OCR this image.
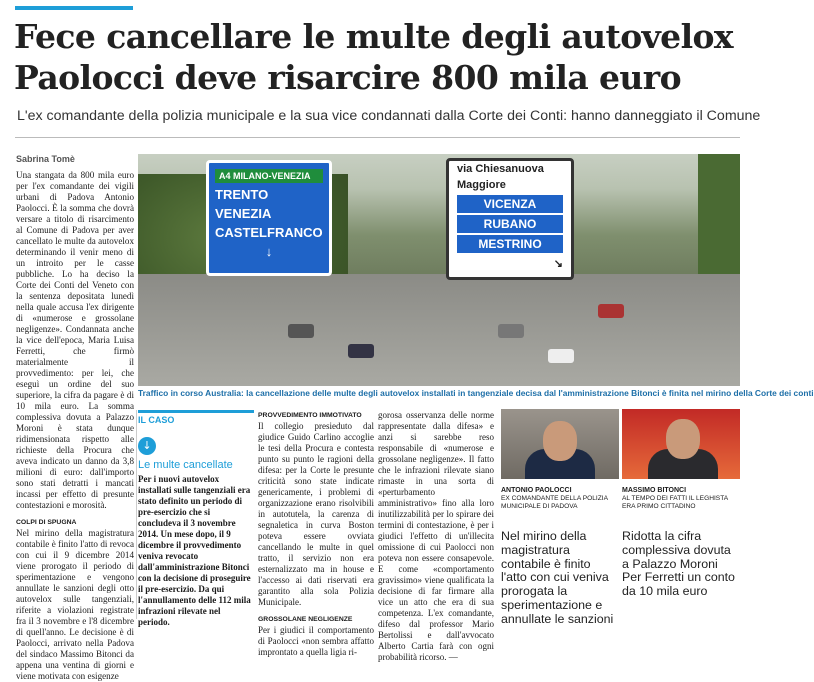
Fece cancellare le multe degli autovelox
Paolocci deve risarcire 800 mila euro

L'ex comandante della polizia municipale e la sua vice condannati dalla Corte dei Conti: hanno danneggiato il Comune

Sabrina Tomè
Una stangata da 800 mila euro per l'ex comandante dei vigili urbani di Padova Antonio Paolocci. È la somma che dovrà versare a titolo di risarcimento al Comune di Padova per aver cancellato le multe da autovelox determinando il venir meno di un introito per le casse pubbliche. Lo ha deciso la Corte dei Conti del Veneto con la sentenza depositata lunedì nella quale accusa l'ex dirigente di «numerose e grossolane negligenze». Condannata anche la vice dell'epoca, Maria Luisa Ferretti, che firmò materialmente il provvedimento: per lei, che eseguì un ordine del suo superiore, la cifra da pagare è di 10 mila euro. La somma complessiva dovuta a Palazzo Moroni è stata dunque ridimensionata rispetto alle richieste della Procura che aveva indicato un danno da 3,8 milioni di euro: dall'importo sono stati detratti i mancati incassi per effetto di presunte contestazioni e morosità.
COLPI DI SPUGNA
Nel mirino della magistratura contabile è finito l'atto di revoca con cui il 9 dicembre 2014 viene prorogato il periodo di sperimentazione e vengono annullate le sanzioni degli otto autovelox sulle tangenziali, riferite a violazioni registrate fra il 3 novembre e l'8 dicembre di quell'anno. Le decisione è di Paolocci, arrivato nella Padova del sindaco Massimo Bitonci da appena una ventina di giorni e viene motivata con esigenze
A4 MILANO-VENEZIA
TRENTO
VENEZIA
CASTELFRANCO
↓
via Chiesanuova
Maggiore
VICENZA
RUBANO
MESTRINO
↘
Traffico in corso Australia: la cancellazione delle multe degli autovelox installati in tangenziale decisa dal l'amministrazione Bitonci è finita nel mirino della Corte dei conti
IL CASO
↓
Le multe cancellate
Per i nuovi autovelox installati sulle tangenziali era stato definito un periodo di pre-esercizio che si concludeva il 3 novembre 2014. Un mese dopo, il 9 dicembre il provvedimento veniva revocato dall'amministrazione Bitonci con la decisione di proseguire il pre-esercizio. Da qui l'annullamento delle 112 mila infrazioni rilevate nel periodo.
PROVVEDIMENTO IMMOTIVATO
Il collegio presieduto dal giudice Guido Carlino accoglie le tesi della Procura e contesta punto su punto le ragioni della difesa: per la Corte le presunte criticità sono state indicate genericamente, i problemi di organizzazione erano risolvibili in autotutela, la carenza di segnaletica in curva Boston poteva essere ovviata cancellando le multe in quel tratto, il servizio non era esternalizzato ma in house e l'accesso ai dati riservati era garantito alla sola Polizia Municipale.
GROSSOLANE NEGLIGENZE
Per i giudici il comportamento di Paolocci «non sembra affatto improntato a quella ligia ri-
gorosa osservanza delle norme rappresentate dalla difesa» e anzi si sarebbe reso responsabile di «numerose e grossolane negligenze». Il fatto che le infrazioni rilevate siano rimaste in una sorta di «perturbamento amministrativo» fino alla loro inutilizzabilità per lo spirare dei termini di contestazione, è per i giudici l'effetto di un'illecita omissione di cui Paolocci non poteva non essere consapevole. E come «comportamento gravissimo» viene qualificata la decisione di far firmare alla vice un atto che era di sua competenza. L'ex comandante, difeso dal professor Mario Bertolissi e dall'avvocato Alberto Cartia farà con ogni probabilità ricorso. —
ANTONIO PAOLOCCI
EX COMANDANTE DELLA POLIZIA MUNICIPALE DI PADOVA
Nel mirino della magistratura contabile è finito l'atto con cui veniva prorogata la sperimentazione e annullate le sanzioni
MASSIMO BITONCI
AL TEMPO DEI FATTI IL LEGHISTA ERA PRIMO CITTADINO
Ridotta la cifra complessiva dovuta a Palazzo Moroni Per Ferretti un conto da 10 mila euro
